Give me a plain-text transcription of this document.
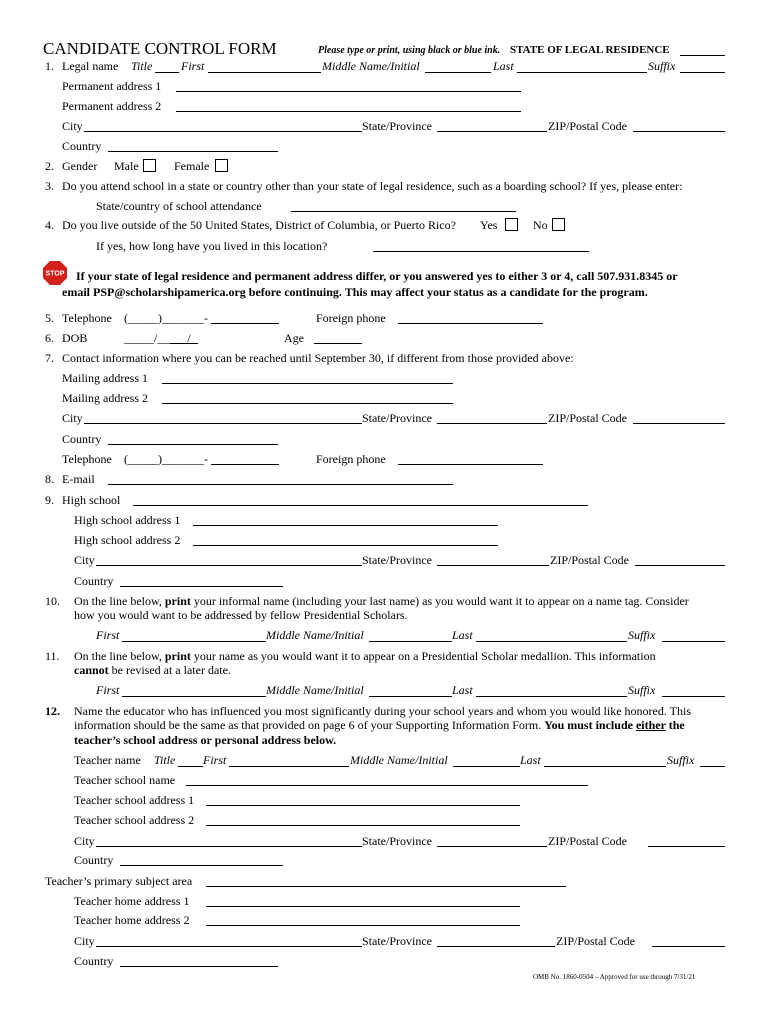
CANDIDATE CONTROL FORM	Please type or print, using black or blue ink. STATE OF LEGAL RESIDENCE
1. Legal name Title First	Middle Name/Initial	Last	Suffix
Permanent address 1
Permanent address 2
City	State/Province	ZIP/Postal Code
Country
2. Gender Male	Female
3. Do you attend school in a state or country other than your state of legal residence, such as a boarding school? If yes, please enter:
State/country of school attendance
4. Do you live outside of the 50 United States, District of Columbia, or Puerto Rico? Yes	No
If yes, how long have you lived in this location?
STOP If your state of legal residence and permanent address differ, or you answered yes to either 3 or 4, call 507.931.8345 or
email PSP@scholarshipamerica.org before continuing. This may affect your status as a candidate for the program.
5. Telephone (_____)_______-	Foreign phone
6. DOB	_____/_____/	Age
7. Contact information where you can be reached until September 30, if different from those provided above:
Mailing address 1
Mailing address 2
City	State/Province	ZIP/Postal Code
Country
Telephone (_____)_______-	Foreign phone
8. E-mail
9. High school
High school address 1
High school address 2
City	State/Province	ZIP/Postal Code
Country
10. On the line below, print your informal name (including your last name) as you would want it to appear on a name tag. Consider
how you would want to be addressed by fellow Presidential Scholars.
First	Middle Name/Initial	Last	Suffix
11. On the line below, print your name as you would want it to appear on a Presidential Scholar medallion. This information
cannot be revised at a later date.
First	Middle Name/Initial	Last	Suffix
12. Name the educator who has influenced you most significantly during your school years and whom you would like honored. This
information should be the same as that provided on page 6 of your Supporting Information Form. You must include either the
teacher’s school address or personal address below.
Teacher name Title First	Middle Name/Initial	Last	Suffix
Teacher school name
Teacher school address 1
Teacher school address 2
City	State/Province	ZIP/Postal Code
Country
Teacher’s primary subject area
Teacher home address 1
Teacher home address 2
City	State/Province	ZIP/Postal Code
Country
OMB No. 1860-0504 – Approved for use through 7/31/21
